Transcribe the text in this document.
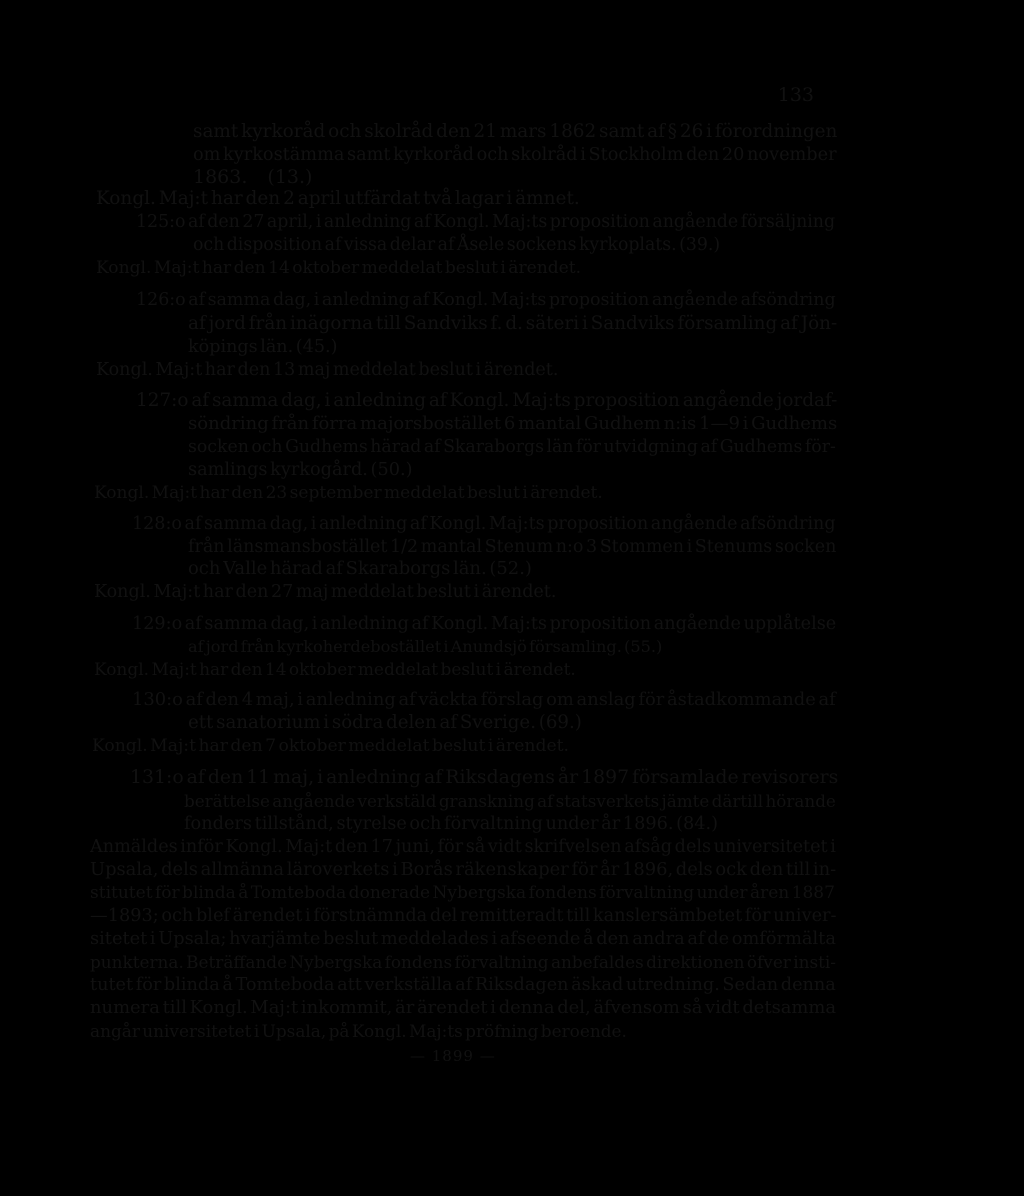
133
samt kyrkoråd och skolråd den 21 mars 1862 samt af § 26 i förordningen
om kyrkostämma samt kyrkoråd och skolråd i Stockholm den 20 november
1863. (13.)
Kongl. Maj:t har den 2 april utfärdat två lagar i ämnet.
125:o af den 27 april, i anledning af Kongl. Maj:ts proposition angående försäljning
och disposition af vissa delar af Åsele sockens kyrkoplats. (39.)
Kongl. Maj:t har den 14 oktober meddelat beslut i ärendet.
126:o af samma dag, i anledning af Kongl. Maj:ts proposition angående afsöndring
af jord från inägorna till Sandviks f. d. säteri i Sandviks församling af Jön-
köpings län. (45.)
Kongl. Maj:t har den 13 maj meddelat beslut i ärendet.
127:o af samma dag, i anledning af Kongl. Maj:ts proposition angående jordaf-
söndring från förra majorsbostället 6 mantal Gudhem n:is 1—9 i Gudhems
socken och Gudhems härad af Skaraborgs län för utvidgning af Gudhems för-
samlings kyrkogård. (50.)
Kongl. Maj:t har den 23 september meddelat beslut i ärendet.
128:o af samma dag, i anledning af Kongl. Maj:ts proposition angående afsöndring
från länsmansbostället 1/2 mantal Stenum n:o 3 Stommen i Stenums socken
och Valle härad af Skaraborgs län. (52.)
Kongl. Maj:t har den 27 maj meddelat beslut i ärendet.
129:o af samma dag, i anledning af Kongl. Maj:ts proposition angående upplåtelse
af jord från kyrkoherdebostället i Anundsjö församling. (55.)
Kongl. Maj:t har den 14 oktober meddelat beslut i ärendet.
130:o af den 4 maj, i anledning af väckta förslag om anslag för åstadkommande af
ett sanatorium i södra delen af Sverige. (69.)
Kongl. Maj:t har den 7 oktober meddelat beslut i ärendet.
131:o af den 11 maj, i anledning af Riksdagens år 1897 församlade revisorers
berättelse angående verkstäld granskning af statsverkets jämte därtill hörande
fonders tillstånd, styrelse och förvaltning under år 1896. (84.)
Anmäldes inför Kongl. Maj:t den 17 juni, för så vidt skrifvelsen afsåg dels universitetet i
Upsala, dels allmänna läroverkets i Borås räkenskaper för år 1896, dels ock den till in-
stitutet för blinda å Tomteboda donerade Nybergska fondens förvaltning under åren 1887
—1893; och blef ärendet i förstnämnda del remitteradt till kanslersämbetet för univer-
sitetet i Upsala; hvarjämte beslut meddelades i afseende å den andra af de omförmälta
punkterna. Beträffande Nybergska fondens förvaltning anbefaldes direktionen öfver insti-
tutet för blinda å Tomteboda att verkställa af Riksdagen äskad utredning. Sedan denna
numera till Kongl. Maj:t inkommit, är ärendet i denna del, äfvensom så vidt detsamma
angår universitetet i Upsala, på Kongl. Maj:ts pröfning beroende.
— 1899 —
